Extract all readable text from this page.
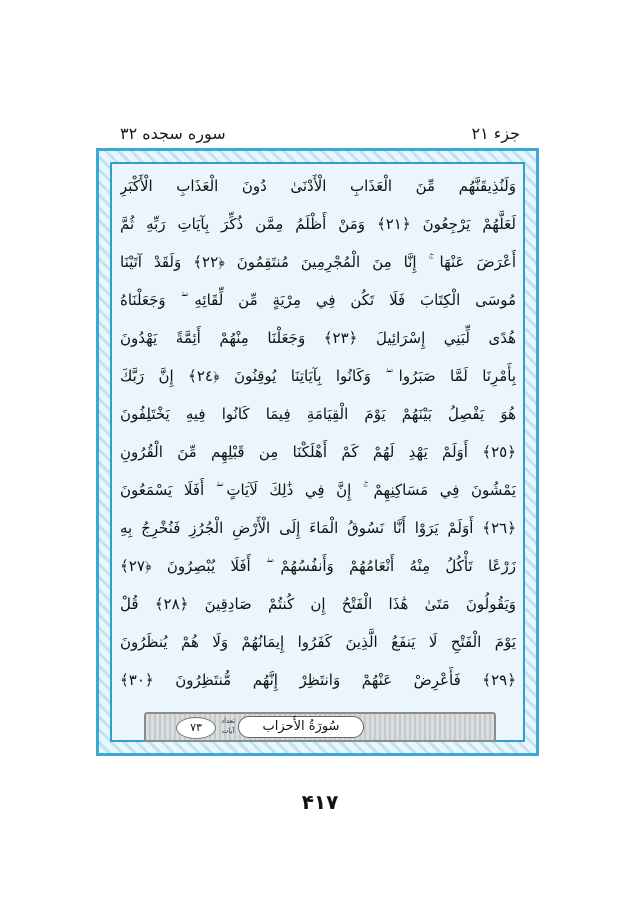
جزء ۲۱
سوره سجده ۳۲
وَلَنُذِيقَنَّهُم مِّنَ الْعَذَابِ الْأَدْنَىٰ دُونَ الْعَذَابِ الْأَكْبَرِ
لَعَلَّهُمْ يَرْجِعُونَ ﴿٢١﴾ وَمَنْ أَظْلَمُ مِمَّن ذُكِّرَ بِآيَاتِ رَبِّهِ ثُمَّ
أَعْرَضَ عَنْهَا ۚ إِنَّا مِنَ الْمُجْرِمِينَ مُنتَقِمُونَ ﴿٢٢﴾ وَلَقَدْ آتَيْنَا
مُوسَى الْكِتَابَ فَلَا تَكُن فِي مِرْيَةٍ مِّن لِّقَائِهِ ۖ وَجَعَلْنَاهُ
هُدًى لِّبَنِي إِسْرَائِيلَ ﴿٢٣﴾ وَجَعَلْنَا مِنْهُمْ أَئِمَّةً يَهْدُونَ
بِأَمْرِنَا لَمَّا صَبَرُوا ۖ وَكَانُوا بِآيَاتِنَا يُوقِنُونَ ﴿٢٤﴾ إِنَّ رَبَّكَ
هُوَ يَفْصِلُ بَيْنَهُمْ يَوْمَ الْقِيَامَةِ فِيمَا كَانُوا فِيهِ يَخْتَلِفُونَ
﴿٢٥﴾ أَوَلَمْ يَهْدِ لَهُمْ كَمْ أَهْلَكْنَا مِن قَبْلِهِم مِّنَ الْقُرُونِ
يَمْشُونَ فِي مَسَاكِنِهِمْ ۚ إِنَّ فِي ذَٰلِكَ لَآيَاتٍ ۖ أَفَلَا يَسْمَعُونَ
﴿٢٦﴾ أَوَلَمْ يَرَوْا أَنَّا نَسُوقُ الْمَاءَ إِلَى الْأَرْضِ الْجُرُزِ فَنُخْرِجُ بِهِ
زَرْعًا تَأْكُلُ مِنْهُ أَنْعَامُهُمْ وَأَنفُسُهُمْ ۖ أَفَلَا يُبْصِرُونَ ﴿٢٧﴾
وَيَقُولُونَ مَتَىٰ هَٰذَا الْفَتْحُ إِن كُنتُمْ صَادِقِينَ ﴿٢٨﴾ قُلْ
يَوْمَ الْفَتْحِ لَا يَنفَعُ الَّذِينَ كَفَرُوا إِيمَانُهُمْ وَلَا هُمْ يُنظَرُونَ
﴿٢٩﴾ فَأَعْرِضْ عَنْهُمْ وَانتَظِرْ إِنَّهُم مُّنتَظِرُونَ ﴿٣٠﴾
سُورَةُ الأَحزاب
تعداد آیات
۷۳
۴۱۷
